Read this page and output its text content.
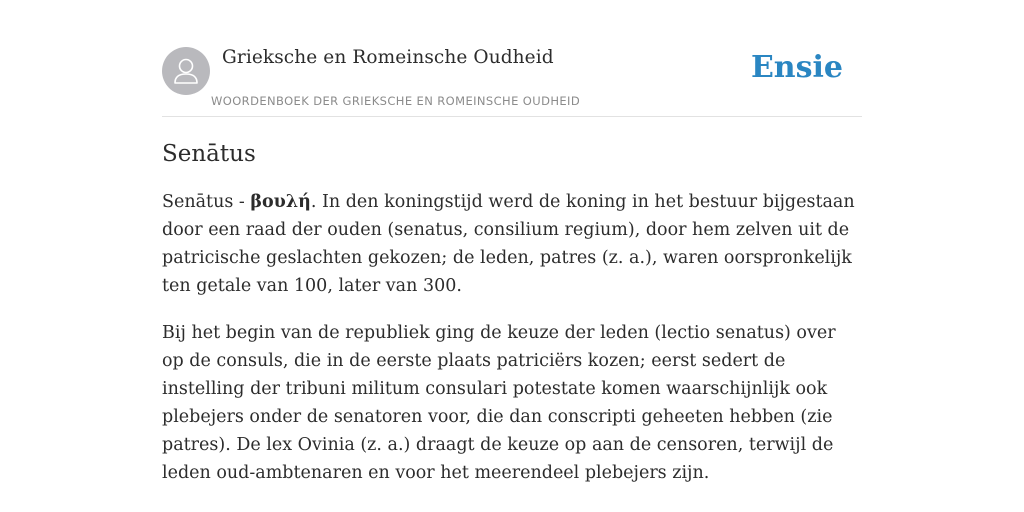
Grieksche en Romeinsche Oudheid
WOORDENBOEK DER GRIEKSCHE EN ROMEINSCHE OUDHEID
Ensie
Senātus

Senātus - βουλή. In den koningstijd werd de koning in het bestuur bijgestaan door een raad der ouden (senatus, consilium regium), door hem zelven uit de patricische geslachten gekozen; de leden, patres (z. a.), waren oorspronkelijk ten getale van 100, later van 300.

Bij het begin van de republiek ging de keuze der leden (lectio senatus) over op de consuls, die in de eerste plaats patriciërs kozen; eerst sedert de instelling der tribuni militum consulari potestate komen waarschijnlijk ook plebejers onder de senatoren voor, die dan conscripti geheeten hebben (zie patres). De lex Ovinia (z. a.) draagt de keuze op aan de censoren, terwijl de leden oud-ambtenaren en voor het meerendeel plebejers zijn.
